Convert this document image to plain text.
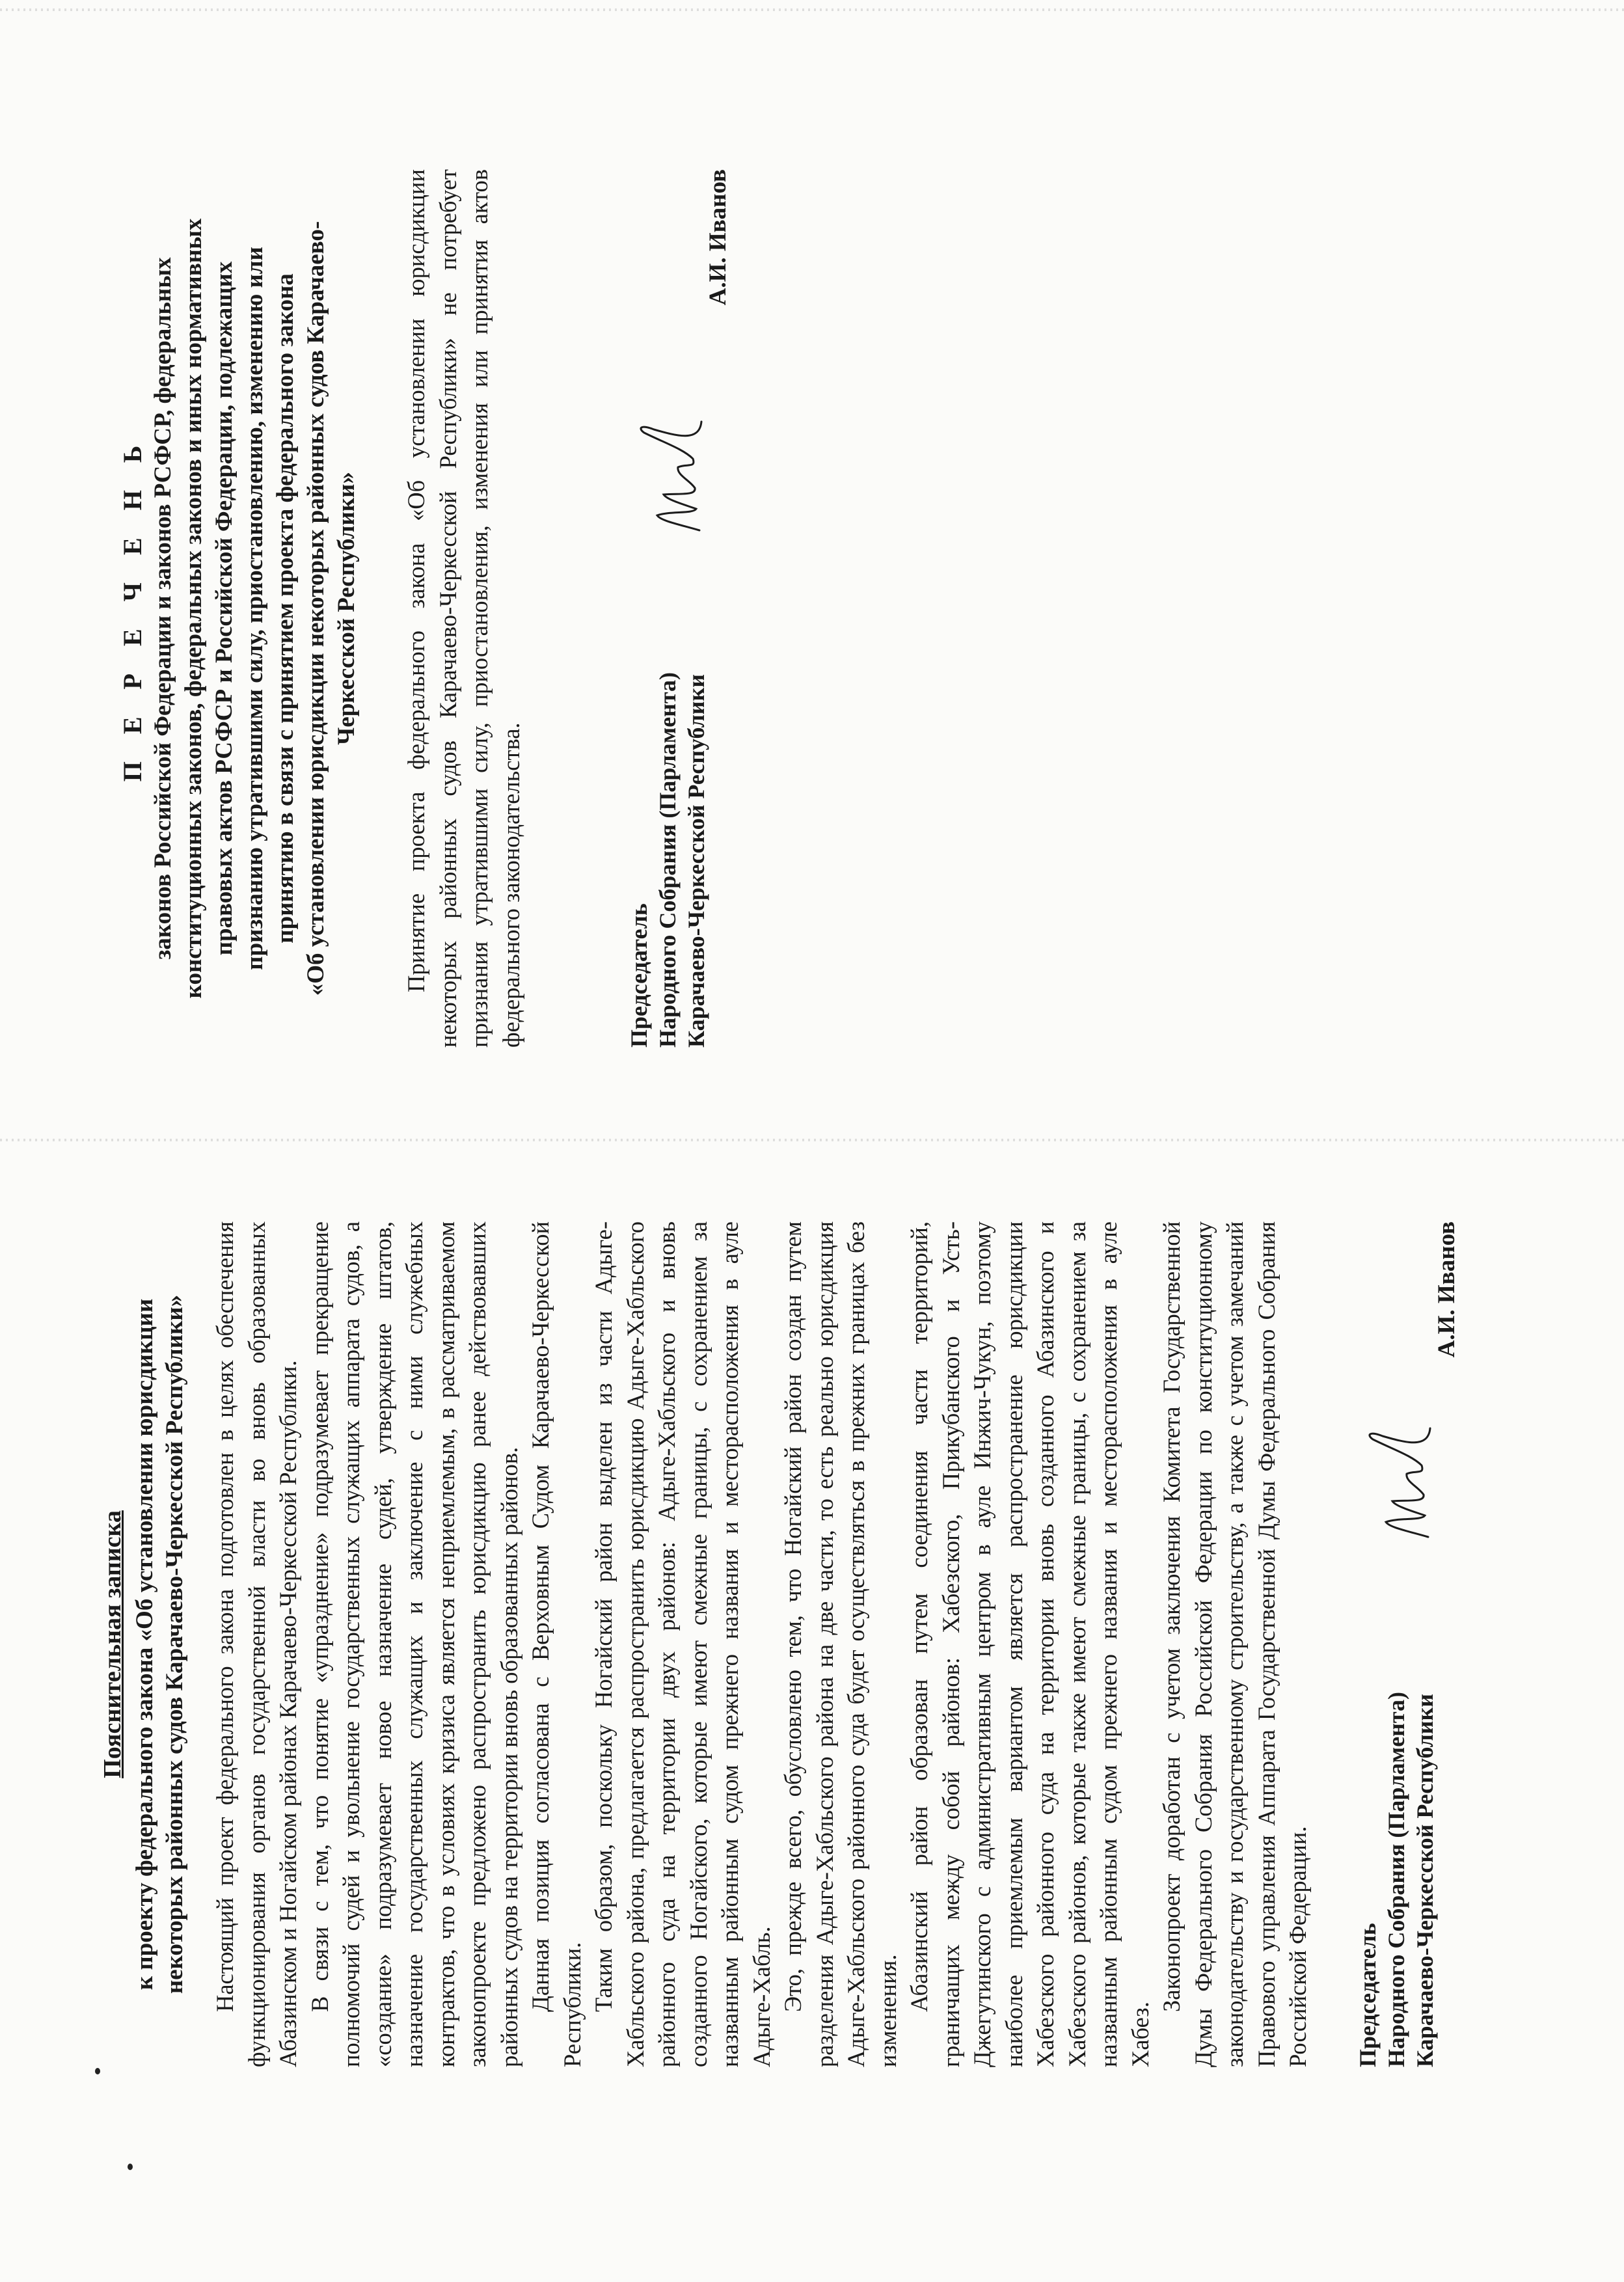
Пояснительная записка к проекту федерального закона «Об установлении юрисдикции некоторых районных судов Карачаево-Черкесской Республики» Настоящий проект федерального закона подготовлен в целях обеспечения функционирования органов государственной власти во вновь образованных Абазинском и Ногайском районах Карачаево-Черкесской Республики. В связи с тем, что понятие «упразднение» подразумевает прекращение полномочий судей и увольнение государственных служащих аппарата судов, а «создание» подразумевает новое назначение судей, утверждение штатов, назначение государственных служащих и заключение с ними служебных контрактов, что в условиях кризиса является неприемлемым, в рассматриваемом законопроекте предложено распространить юрисдикцию ранее действовавших районных судов на территории вновь образованных районов. Данная позиция согласована с Верховным Судом Карачаево-Черкесской Республики. Таким образом, поскольку Ногайский район выделен из части Адыге-Хабльского района, предлагается распространить юрисдикцию Адыге-Хабльского районного суда на территории двух районов: Адыге-Хабльского и вновь созданного Ногайского, которые имеют смежные границы, с сохранением за названным районным судом прежнего названия и месторасположения в ауле Адыге-Хабль. Это, прежде всего, обусловлено тем, что Ногайский район создан путем разделения Адыге-Хабльского района на две части, то есть реально юрисдикция Адыге-Хабльского районного суда будет осуществляться в прежних границах без изменения. Абазинский район образован путем соединения части территорий, граничащих между собой районов: Хабезского, Прикубанского и Усть-Джегутинского с административным центром в ауле Инжич-Чукун, поэтому наиболее приемлемым вариантом является распространение юрисдикции Хабезского районного суда на территории вновь созданного Абазинского и Хабезского районов, которые также имеют смежные границы, с сохранением за названным районным судом прежнего названия и месторасположения в ауле Хабез.

Законопроект доработан с учетом заключения Комитета Государственной Думы Федерального Собрания Российской Федерации по конституционному законодательству и государственному строительству, а также с учетом замечаний Правового управления Аппарата Государственной Думы Федерального Собрания Российской Федерации. Председатель Народного Собрания (Парламента) Карачаево-Черкесской Республики
А.И. Иванов
П Е Р Е Ч Е Н Ь законов Российской Федерации и законов РСФСР, федеральных конституционных законов, федеральных законов и иных нормативных правовых актов РСФСР и Российской Федерации, подлежащих признанию утратившими силу, приостановлению, изменению или принятию в связи с принятием проекта федерального закона «Об установлении юрисдикции некоторых районных судов Карачаево- Черкесской Республики» Принятие проекта федерального закона «Об установлении юрисдикции некоторых районных судов Карачаево-Черкесской Республики» не потребует признания утратившими силу, приостановления, изменения или принятия актов федерального законодательства.	Председатель Народного Собрания (Парламента) Карачаево-Черкесской Республики
А.И. Иванов
